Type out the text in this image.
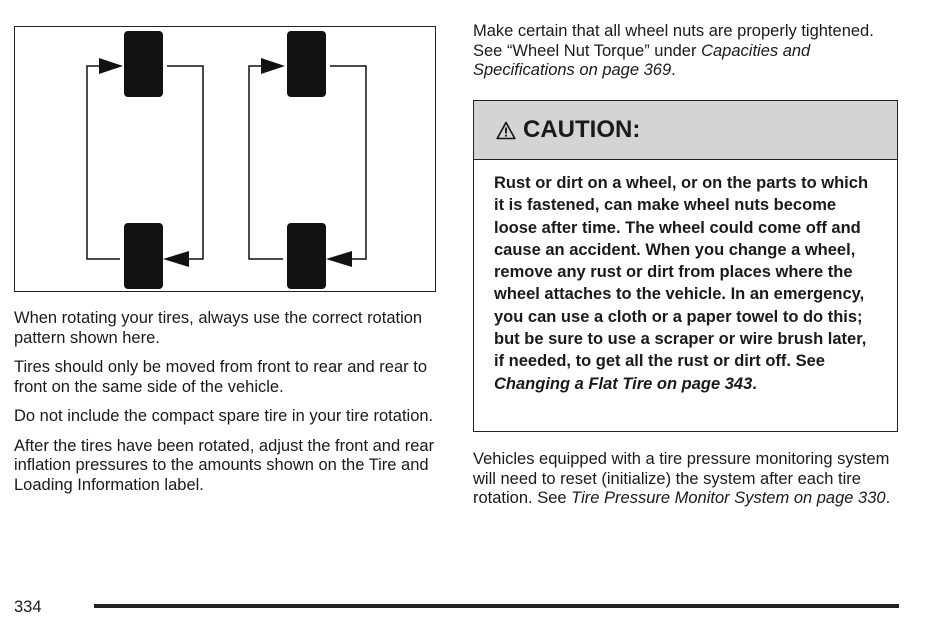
When rotating your tires, always use the correct rotation pattern shown here.

Tires should only be moved from front to rear and rear to front on the same side of the vehicle.

Do not include the compact spare tire in your tire rotation.

After the tires have been rotated, adjust the front and rear inflation pressures to the amounts shown on the Tire and Loading Information label.

Make certain that all wheel nuts are properly tightened. See “Wheel Nut Torque” under Capacities and Specifications on page 369.
CAUTION:
Rust or dirt on a wheel, or on the parts to which it is fastened, can make wheel nuts become loose after time. The wheel could come off and cause an accident. When you change a wheel, remove any rust or dirt from places where the wheel attaches to the vehicle. In an emergency, you can use a cloth or a paper towel to do this; but be sure to use a scraper or wire brush later, if needed, to get all the rust or dirt off. See Changing a Flat Tire on page 343.
Vehicles equipped with a tire pressure monitoring system will need to reset (initialize) the system after each tire rotation. See Tire Pressure Monitor System on page 330.
334
